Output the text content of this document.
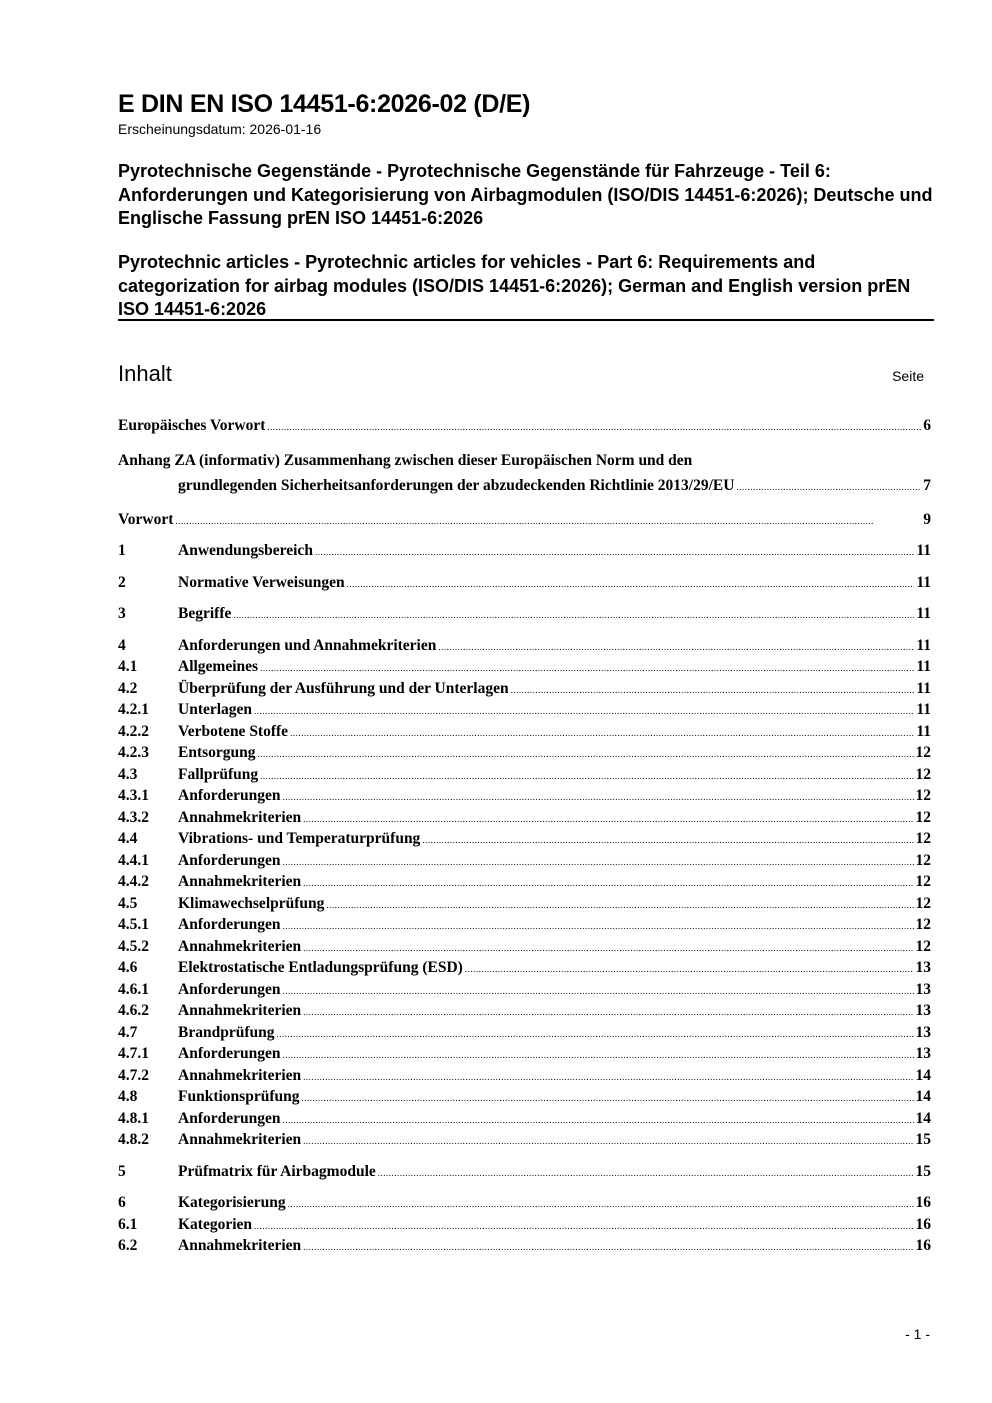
E DIN EN ISO 14451-6:2026-02 (D/E)
Erscheinungsdatum: 2026-01-16
Pyrotechnische Gegenstände - Pyrotechnische Gegenstände für Fahrzeuge - Teil 6: Anforderungen und Kategorisierung von Airbagmodulen (ISO/DIS 14451-6:2026); Deutsche und Englische Fassung prEN ISO 14451-6:2026
Pyrotechnic articles - Pyrotechnic articles for vehicles - Part 6: Requirements and categorization for airbag modules (ISO/DIS 14451-6:2026); German and English version prEN ISO 14451-6:2026
Inhalt	Seite
Europäisches Vorwort .....	6
Anhang ZA (informativ) Zusammenhang zwischen dieser Europäischen Norm und den
grundlegenden Sicherheitsanforderungen der abzudeckenden Richtlinie 2013/29/EU .....	7
Vorwort .....	9
1	Anwendungsbereich .....	11
2	Normative Verweisungen .....	11
3	Begriffe .....	11
4	Anforderungen und Annahmekriterien .....	11
4.1	Allgemeines .....	11
4.2	Überprüfung der Ausführung und der Unterlagen .....	11
4.2.1	Unterlagen .....	11
4.2.2	Verbotene Stoffe .....	11
4.2.3	Entsorgung .....	12
4.3	Fallprüfung .....	12
4.3.1	Anforderungen .....	12
4.3.2	Annahmekriterien .....	12
4.4	Vibrations- und Temperaturprüfung .....	12
4.4.1	Anforderungen .....	12
4.4.2	Annahmekriterien .....	12
4.5	Klimawechselprüfung .....	12
4.5.1	Anforderungen .....	12
4.5.2	Annahmekriterien .....	12
4.6	Elektrostatische Entladungsprüfung (ESD) .....	13
4.6.1	Anforderungen .....	13
4.6.2	Annahmekriterien .....	13
4.7	Brandprüfung .....	13
4.7.1	Anforderungen .....	13
4.7.2	Annahmekriterien .....	14
4.8	Funktionsprüfung .....	14
4.8.1	Anforderungen .....	14
4.8.2	Annahmekriterien .....	15
5	Prüfmatrix für Airbagmodule .....	15
6	Kategorisierung .....	16
6.1	Kategorien .....	16
6.2	Annahmekriterien .....	16
- 1 -
